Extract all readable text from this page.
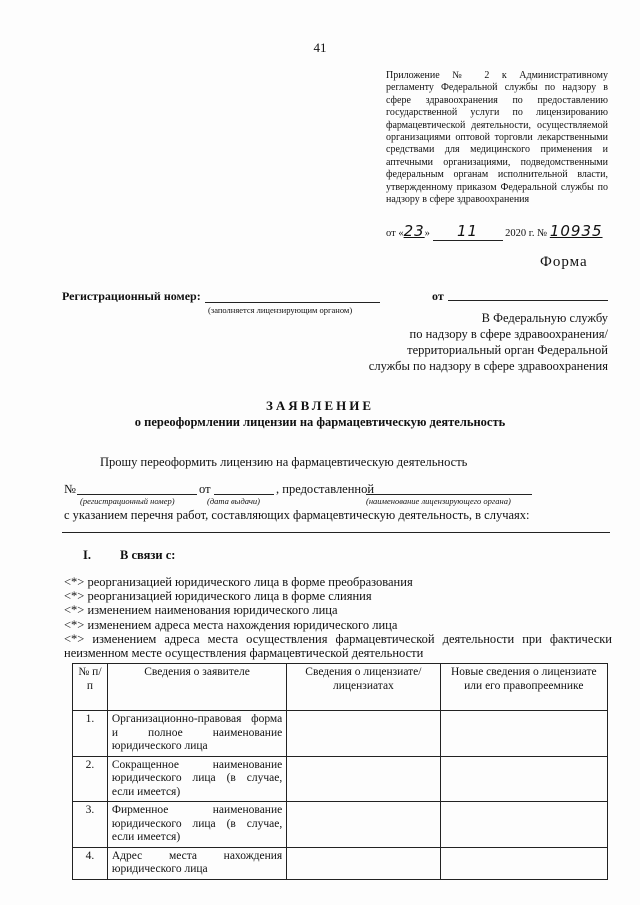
41
Приложение № 2 к Административному регламенту Федеральной службы по надзору в сфере здравоохранения по предоставлению государственной услуги по лицензированию фармацевтической деятельности, осуществляемой организациями оптовой торговли лекарственными средствами для медицинского применения и аптечными организациями, подведомственными федеральным органам исполнительной власти, утвержденному приказом Федеральной службы по надзору в сфере здравоохранения
от «23» 11	2020 г. № 10935
Форма
Регистрационный номер:
(заполняется лицензирующим органом)
от
В Федеральную службу
по надзору в сфере здравоохранения/
территориальный орган Федеральной
службы по надзору в сфере здравоохранения
ЗАЯВЛЕНИЕ
о переоформлении лицензии на фармацевтическую деятельность
Прошу переоформить лицензию на фармацевтическую деятельность
№	от	, предоставленной
(регистрационный номер)	(дата выдачи)	(наименование лицензирующего органа)
с указанием перечня работ, составляющих фармацевтическую деятельность, в случаях:
I. В связи с:
<*> реорганизацией юридического лица в форме преобразования
<*> реорганизацией юридического лица в форме слияния
<*> изменением наименования юридического лица
<*> изменением адреса места нахождения юридического лица
<*> изменением адреса места осуществления фармацевтической деятельности при фактически неизменном месте осуществления фармацевтической деятельности
№ п/п	Сведения о заявителе	Сведения о лицензиате/лицензиатах	Новые сведения о лицензиате или его правопреемнике
1.	Организационно-правовая форма и полное наименование юридического лица		
2.	Сокращенное наименование юридического лица (в случае, если имеется)		
3.	Фирменное наименование юридического лица (в случае, если имеется)		
4.	Адрес места нахождения юридического лица		
